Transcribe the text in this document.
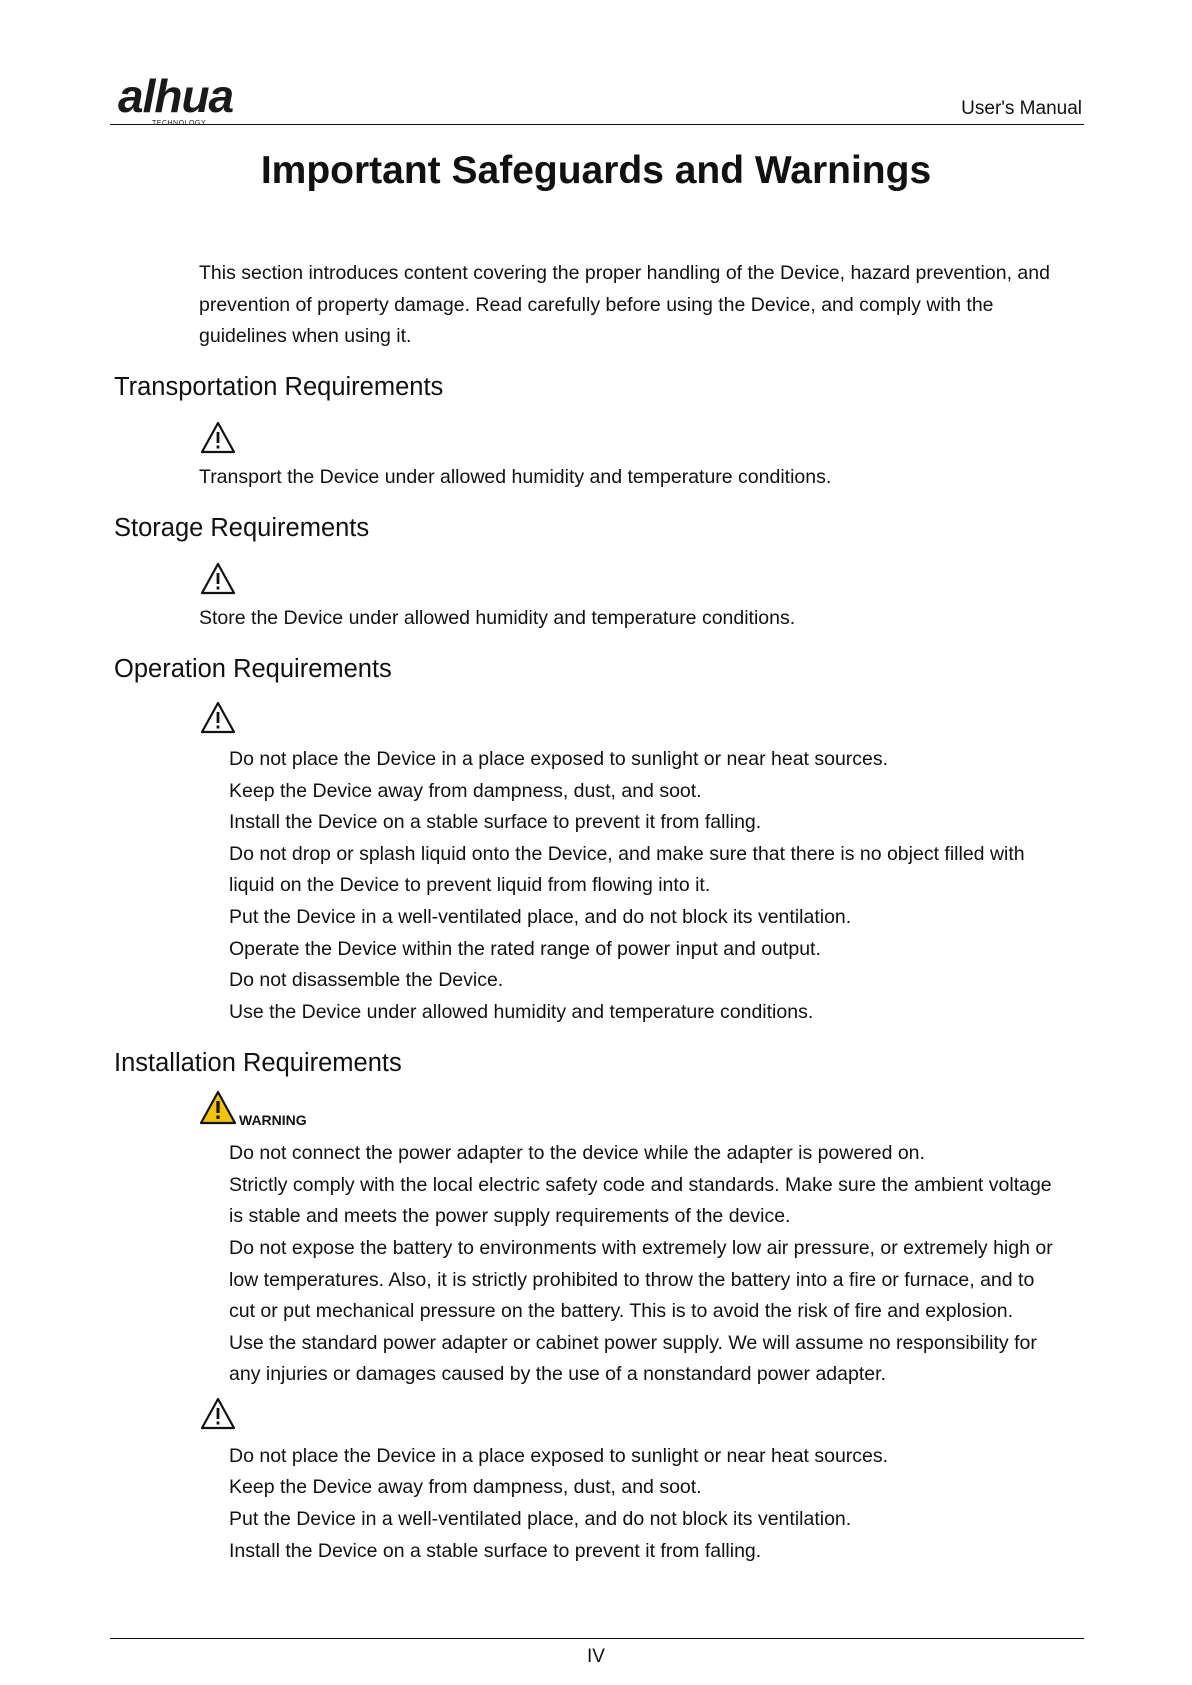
alhua
TECHNOLOGY
User's Manual
Important Safeguards and Warnings
This section introduces content covering the proper handling of the Device, hazard prevention, and
prevention of property damage. Read carefully before using the Device, and comply with the
guidelines when using it.
Transportation Requirements
Transport the Device under allowed humidity and temperature conditions.
Storage Requirements
Store the Device under allowed humidity and temperature conditions.
Operation Requirements
Do not place the Device in a place exposed to sunlight or near heat sources.
Keep the Device away from dampness, dust, and soot.
Install the Device on a stable surface to prevent it from falling.
Do not drop or splash liquid onto the Device, and make sure that there is no object filled with
liquid on the Device to prevent liquid from flowing into it.
Put the Device in a well-ventilated place, and do not block its ventilation.
Operate the Device within the rated range of power input and output.
Do not disassemble the Device.
Use the Device under allowed humidity and temperature conditions.
Installation Requirements
WARNING
Do not connect the power adapter to the device while the adapter is powered on.
Strictly comply with the local electric safety code and standards. Make sure the ambient voltage
is stable and meets the power supply requirements of the device.
Do not expose the battery to environments with extremely low air pressure, or extremely high or
low temperatures. Also, it is strictly prohibited to throw the battery into a fire or furnace, and to
cut or put mechanical pressure on the battery. This is to avoid the risk of fire and explosion.
Use the standard power adapter or cabinet power supply. We will assume no responsibility for
any injuries or damages caused by the use of a nonstandard power adapter.
Do not place the Device in a place exposed to sunlight or near heat sources.
Keep the Device away from dampness, dust, and soot.
Put the Device in a well-ventilated place, and do not block its ventilation.
Install the Device on a stable surface to prevent it from falling.
IV
